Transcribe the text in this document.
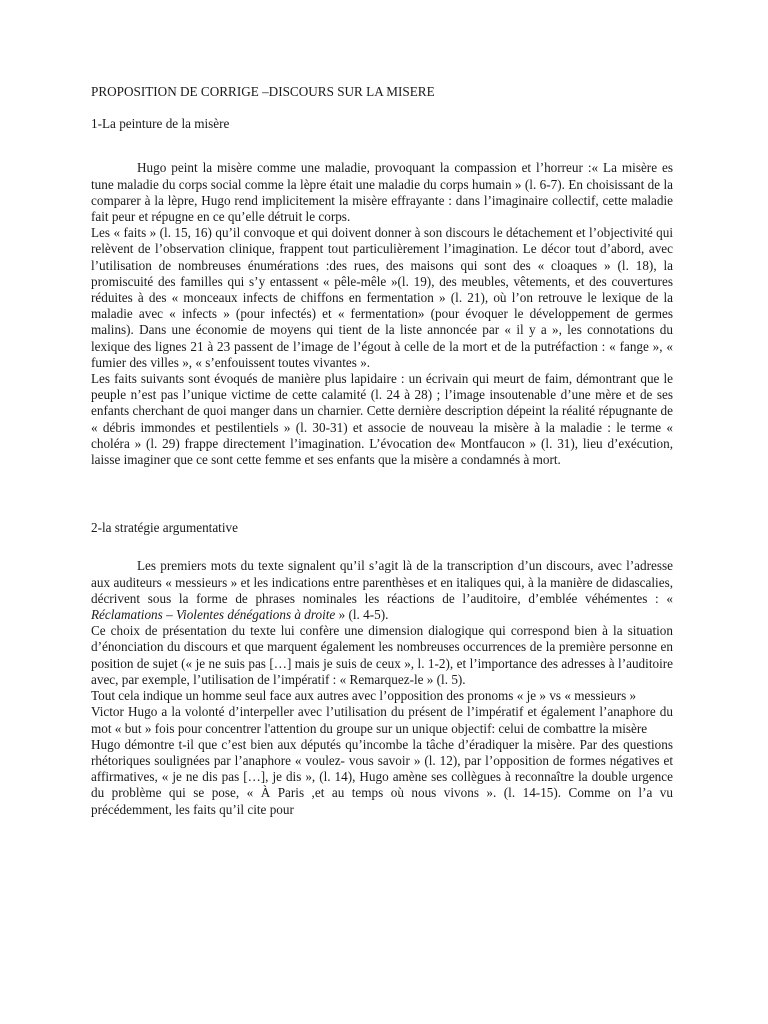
PROPOSITION DE CORRIGE –DISCOURS SUR LA MISERE
1-La peinture de la misère

Hugo peint la misère comme une maladie, provoquant la compassion et l’horreur :« La misère es tune maladie du corps social comme la lèpre était une maladie du corps humain » (l. 6-7). En choisissant de la comparer à la lèpre, Hugo rend implicitement la misère effrayante : dans l’imaginaire collectif, cette maladie fait peur et répugne en ce qu’elle détruit le corps.

Les « faits » (l. 15, 16) qu’il convoque et qui doivent donner à son discours le détachement et l’objectivité qui relèvent de l’observation clinique, frappent tout particulièrement l’imagination. Le décor tout d’abord, avec l’utilisation de nombreuses énumérations :des rues, des maisons qui sont des « cloaques » (l. 18), la promiscuité des familles qui s’y entassent « pêle-mêle »(l. 19), des meubles, vêtements, et des couvertures réduites à des « monceaux infects de chiffons en fermentation » (l. 21), où l’on retrouve le lexique de la maladie avec « infects » (pour infectés) et « fermentation» (pour évoquer le développement de germes malins). Dans une économie de moyens qui tient de la liste annoncée par « il y a », les connotations du lexique des lignes 21 à 23 passent de l’image de l’égout à celle de la mort et de la putréfaction : « fange », « fumier des villes », « s’enfouissent toutes vivantes ».

Les faits suivants sont évoqués de manière plus lapidaire : un écrivain qui meurt de faim, démontrant que le peuple n’est pas l’unique victime de cette calamité (l. 24 à 28) ; l’image insoutenable d’une mère et de ses enfants cherchant de quoi manger dans un charnier. Cette dernière description dépeint la réalité répugnante de « débris immondes et pestilentiels » (l. 30-31) et associe de nouveau la misère à la maladie : le terme « choléra » (l. 29) frappe directement l’imagination. L’évocation de« Montfaucon » (l. 31), lieu d’exécution, laisse imaginer que ce sont cette femme et ses enfants que la misère a condamnés à mort.

2-la stratégie argumentative

Les premiers mots du texte signalent qu’il s’agit là de la transcription d’un discours, avec l’adresse aux auditeurs « messieurs » et les indications entre parenthèses et en italiques qui, à la manière de didascalies, décrivent sous la forme de phrases nominales les réactions de l’auditoire, d’emblée véhémentes : « Réclamations – Violentes dénégations à droite » (l. 4-5).

Ce choix de présentation du texte lui confère une dimension dialogique qui correspond bien à la situation d’énonciation du discours et que marquent également les nombreuses occurrences de la première personne en position de sujet (« je ne suis pas […] mais je suis de ceux », l. 1-2), et l’importance des adresses à l’auditoire avec, par exemple, l’utilisation de l’impératif : « Remarquez-le » (l. 5).

Tout cela indique un homme seul face aux autres avec l’opposition des pronoms « je » vs « messieurs »

Victor Hugo a la volonté d’interpeller avec l’utilisation du présent de l’impératif et également l’anaphore du mot « but » fois pour concentrer l'attention du groupe sur un unique objectif: celui de combattre la misère

Hugo démontre t-il que c’est bien aux députés qu’incombe la tâche d’éradiquer la misère. Par des questions rhétoriques soulignées par l’anaphore « voulez- vous savoir » (l. 12), par l’opposition de formes négatives et affirmatives, « je ne dis pas […], je dis », (l. 14), Hugo amène ses collègues à reconnaître la double urgence du problème qui se pose, « À Paris ,et au temps où nous vivons ». (l. 14-15). Comme on l’a vu précédemment, les faits qu’il cite pour
